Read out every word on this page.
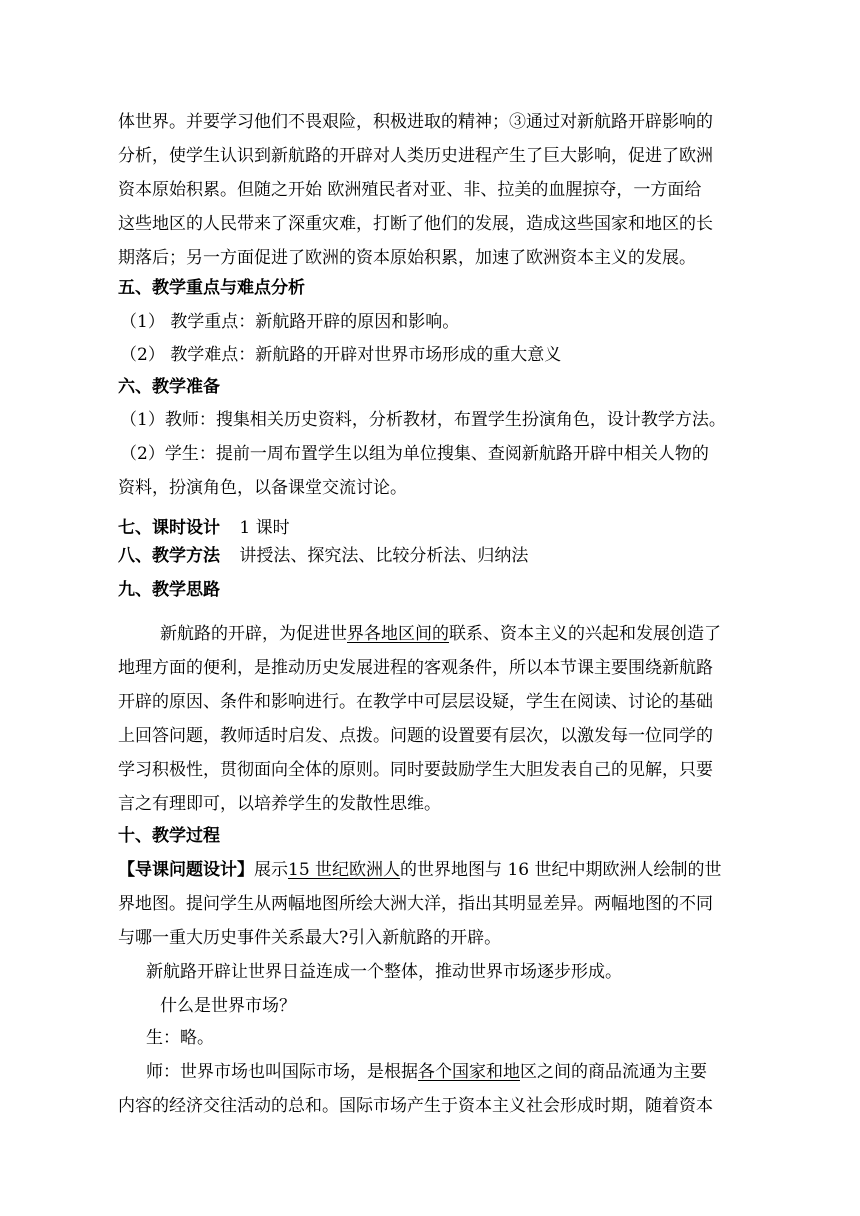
体世界。并要学习他们不畏艰险，积极进取的精神；③通过对新航路开辟影响的
分析，使学生认识到新航路的开辟对人类历史进程产生了巨大影响，促进了欧洲
资本原始积累。但随之开始 欧洲殖民者对亚、非、拉美的血腥掠夺，一方面给
这些地区的人民带来了深重灾难，打断了他们的发展，造成这些国家和地区的长
期落后；另一方面促进了欧洲的资本原始积累，加速了欧洲资本主义的发展。
五、教学重点与难点分析
（1） 教学重点：新航路开辟的原因和影响。
（2） 教学难点：新航路的开辟对世界市场形成的重大意义
六、教学准备
（1）教师：搜集相关历史资料，分析教材，布置学生扮演角色，设计教学方法。
（2）学生：提前一周布置学生以组为单位搜集、查阅新航路开辟中相关人物的
资料，扮演角色，以备课堂交流讨论。
七、课时设计 1 课时
八、教学方法 讲授法、探究法、比较分析法、归纳法
九、教学思路
新航路的开辟，为促进世界各地区间的联系、资本主义的兴起和发展创造了
地理方面的便利，是推动历史发展进程的客观条件，所以本节课主要围绕新航路
开辟的原因、条件和影响进行。在教学中可层层设疑，学生在阅读、讨论的基础
上回答问题，教师适时启发、点拨。问题的设置要有层次，以激发每一位同学的
学习积极性，贯彻面向全体的原则。同时要鼓励学生大胆发表自己的见解，只要
言之有理即可，以培养学生的发散性思维。
十、教学过程
【导课问题设计】展示15 世纪欧洲人的世界地图与 16 世纪中期欧洲人绘制的世
界地图。提问学生从两幅地图所绘大洲大洋，指出其明显差异。两幅地图的不同
与哪一重大历史事件关系最大?引入新航路的开辟。
新航路开辟让世界日益连成一个整体，推动世界市场逐步形成。
什么是世界市场？
生：略。
师：世界市场也叫国际市场，是根据各个国家和地区之间的商品流通为主要
内容的经济交往活动的总和。国际市场产生于资本主义社会形成时期，随着资本
